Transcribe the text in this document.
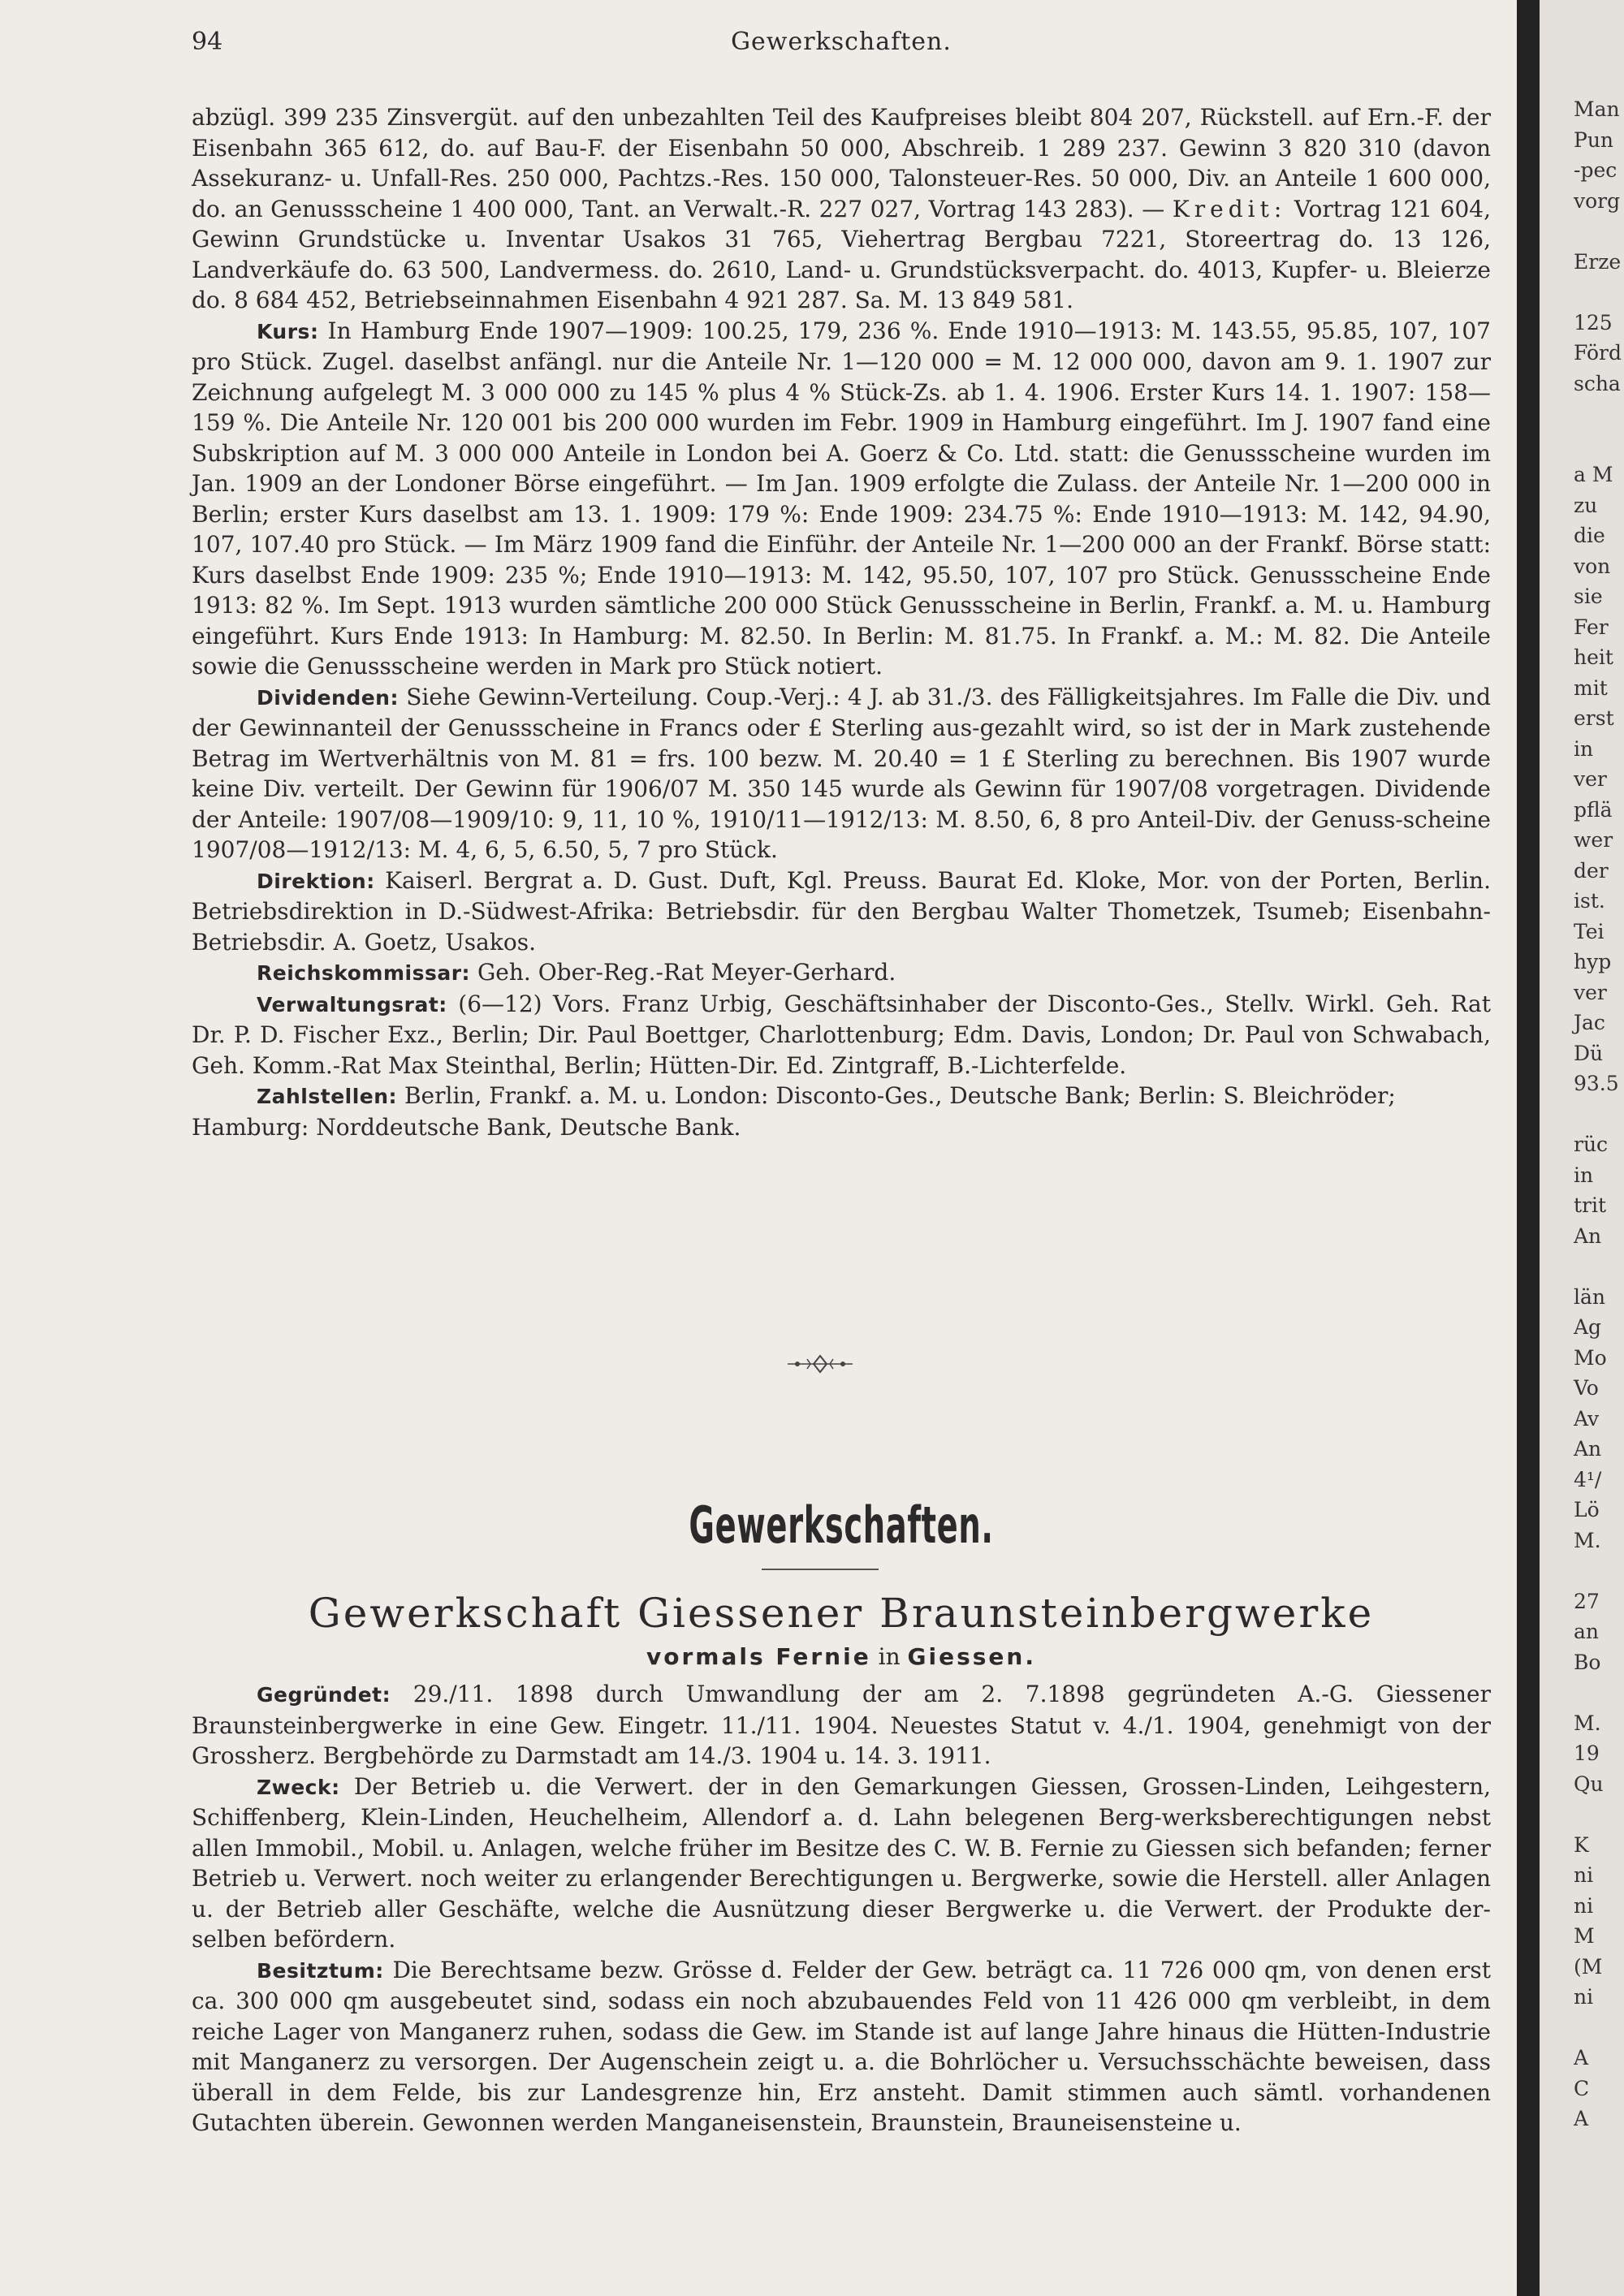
94	Gewerkschaften.

abzügl. 399 235 Zinsvergüt. auf den unbezahlten Teil des Kaufpreises bleibt 804 207, Rückstell. auf Ern.-F. der Eisenbahn 365 612, do. auf Bau-F. der Eisenbahn 50 000, Abschreib. 1 289 237. Gewinn 3 820 310 (davon Assekuranz- u. Unfall-Res. 250 000, Pachtzs.-Res. 150 000, Talonsteuer-Res. 50 000, Div. an Anteile 1 600 000, do. an Genussscheine 1 400 000, Tant. an Verwalt.-R. 227 027, Vortrag 143 283). — Kredit: Vortrag 121 604, Gewinn Grundstücke u. Inventar Usakos 31 765, Viehertrag Bergbau 7221, Storeertrag do. 13 126, Landverkäufe do. 63 500, Landvermess. do. 2610, Land- u. Grundstücksverpacht. do. 4013, Kupfer- u. Bleierze do. 8 684 452, Betriebseinnahmen Eisenbahn 4 921 287. Sa. M. 13 849 581.

Kurs: In Hamburg Ende 1907—1909: 100.25, 179, 236 %. Ende 1910—1913: M. 143.55, 95.85, 107, 107 pro Stück. Zugel. daselbst anfängl. nur die Anteile Nr. 1—120 000 = M. 12 000 000, davon am 9. 1. 1907 zur Zeichnung aufgelegt M. 3 000 000 zu 145 % plus 4 % Stück-Zs. ab 1. 4. 1906. Erster Kurs 14. 1. 1907: 158—159 %. Die Anteile Nr. 120 001 bis 200 000 wurden im Febr. 1909 in Hamburg eingeführt. Im J. 1907 fand eine Subskription auf M. 3 000 000 Anteile in London bei A. Goerz & Co. Ltd. statt: die Genussscheine wurden im Jan. 1909 an der Londoner Börse eingeführt. — Im Jan. 1909 erfolgte die Zulass. der Anteile Nr. 1—200 000 in Berlin; erster Kurs daselbst am 13. 1. 1909: 179 %: Ende 1909: 234.75 %: Ende 1910—1913: M. 142, 94.90, 107, 107.40 pro Stück. — Im März 1909 fand die Einführ. der Anteile Nr. 1—200 000 an der Frankf. Börse statt: Kurs daselbst Ende 1909: 235 %; Ende 1910—1913: M. 142, 95.50, 107, 107 pro Stück. Genussscheine Ende 1913: 82 %. Im Sept. 1913 wurden sämtliche 200 000 Stück Genussscheine in Berlin, Frankf. a. M. u. Hamburg eingeführt. Kurs Ende 1913: In Hamburg: M. 82.50. In Berlin: M. 81.75. In Frankf. a. M.: M. 82. Die Anteile sowie die Genussscheine werden in Mark pro Stück notiert.

Dividenden: Siehe Gewinn-Verteilung. Coup.-Verj.: 4 J. ab 31./3. des Fälligkeitsjahres. Im Falle die Div. und der Gewinnanteil der Genussscheine in Francs oder £ Sterling aus-gezahlt wird, so ist der in Mark zustehende Betrag im Wertverhältnis von M. 81 = frs. 100 bezw. M. 20.40 = 1 £ Sterling zu berechnen. Bis 1907 wurde keine Div. verteilt. Der Gewinn für 1906/07 M. 350 145 wurde als Gewinn für 1907/08 vorgetragen. Dividende der Anteile: 1907/08—1909/10: 9, 11, 10 %, 1910/11—1912/13: M. 8.50, 6, 8 pro Anteil-Div. der Genuss-scheine 1907/08—1912/13: M. 4, 6, 5, 6.50, 5, 7 pro Stück.

Direktion: Kaiserl. Bergrat a. D. Gust. Duft, Kgl. Preuss. Baurat Ed. Kloke, Mor. von der Porten, Berlin. Betriebsdirektion in D.-Südwest-Afrika: Betriebsdir. für den Bergbau Walter Thometzek, Tsumeb; Eisenbahn-Betriebsdir. A. Goetz, Usakos.

Reichskommissar: Geh. Ober-Reg.-Rat Meyer-Gerhard.

Verwaltungsrat: (6—12) Vors. Franz Urbig, Geschäftsinhaber der Disconto-Ges., Stellv. Wirkl. Geh. Rat Dr. P. D. Fischer Exz., Berlin; Dir. Paul Boettger, Charlottenburg; Edm. Davis, London; Dr. Paul von Schwabach, Geh. Komm.-Rat Max Steinthal, Berlin; Hütten-Dir. Ed. Zintgraff, B.-Lichterfelde.

Zahlstellen: Berlin, Frankf. a. M. u. London: Disconto-Ges., Deutsche Bank; Berlin: S. Bleichröder; Hamburg: Norddeutsche Bank, Deutsche Bank.

Gewerkschaften.
Gewerkschaft Giessener Braunsteinbergwerke
vormals Fernie in Giessen.

Gegründet: 29./11. 1898 durch Umwandlung der am 2. 7.1898 gegründeten A.-G. Giessener Braunsteinbergwerke in eine Gew. Eingetr. 11./11. 1904. Neuestes Statut v. 4./1. 1904, genehmigt von der Grossherz. Bergbehörde zu Darmstadt am 14./3. 1904 u. 14. 3. 1911.

Zweck: Der Betrieb u. die Verwert. der in den Gemarkungen Giessen, Grossen-Linden, Leihgestern, Schiffenberg, Klein-Linden, Heuchelheim, Allendorf a. d. Lahn belegenen Berg-werksberechtigungen nebst allen Immobil., Mobil. u. Anlagen, welche früher im Besitze des C. W. B. Fernie zu Giessen sich befanden; ferner Betrieb u. Verwert. noch weiter zu erlangender Berechtigungen u. Bergwerke, sowie die Herstell. aller Anlagen u. der Betrieb aller Geschäfte, welche die Ausnützung dieser Bergwerke u. die Verwert. der Produkte der-selben befördern.

Besitztum: Die Berechtsame bezw. Grösse d. Felder der Gew. beträgt ca. 11 726 000 qm, von denen erst ca. 300 000 qm ausgebeutet sind, sodass ein noch abzubauendes Feld von 11 426 000 qm verbleibt, in dem reiche Lager von Manganerz ruhen, sodass die Gew. im Stande ist auf lange Jahre hinaus die Hütten-Industrie mit Manganerz zu versorgen. Der Augenschein zeigt u. a. die Bohrlöcher u. Versuchsschächte beweisen, dass überall in dem Felde, bis zur Landesgrenze hin, Erz ansteht. Damit stimmen auch sämtl. vorhandenen Gutachten überein. Gewonnen werden Manganeisenstein, Braunstein, Brauneisensteine u.

Man
Pun
-pec
vorg
Erze
125
Förd
scha
a M
zu
die
von
sie
Fer
heit
mit
erst
in
ver
pflä
wer
der
ist.
Tei
hyp
ver
Jac
Dü
93.5
rüc
in
trit
An
län
Ag
Mo
Vo
Av
An
4¹/
Lö
M.
27
an
Bo
M.
19
Qu
K
ni
ni
M
(M
ni
A
C
A
